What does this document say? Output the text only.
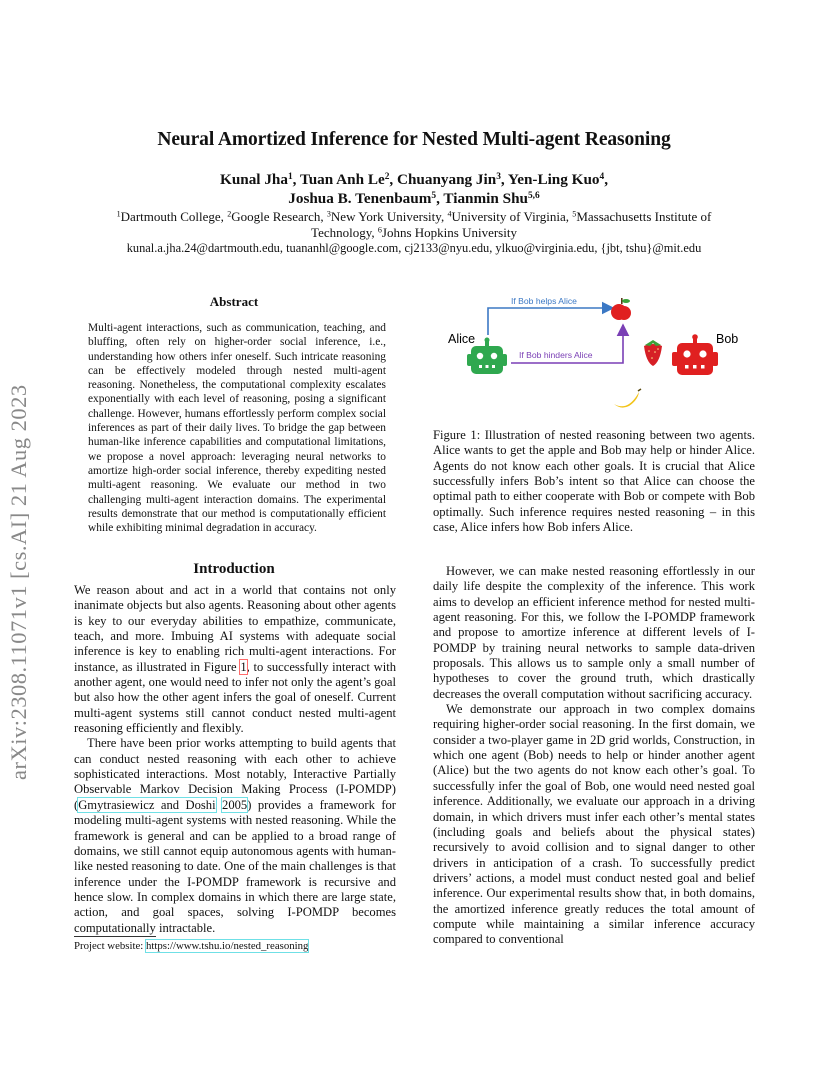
Neural Amortized Inference for Nested Multi-agent Reasoning
Kunal Jha$^1$, Tuan Anh Le$^2$, Chuanyang Jin$^3$, Yen-Ling Kuo$^4$,
Joshua B. Tenenbaum$^5$, Tianmin Shu$^{5,6}$
$^1$Dartmouth College, $^2$Google Research, $^3$New York University, $^4$University of Virginia, $^5$Massachusetts Institute of Technology, $^6$Johns Hopkins University
kunal.a.jha.24@dartmouth.edu, tuananhl@google.com, cj2133@nyu.edu, ylkuo@virginia.edu, {jbt, tshu}@mit.edu
arXiv:2308.11071v1 [cs.AI] 21 Aug 2023
Abstract
Multi-agent interactions, such as communication, teaching, and bluffing, often rely on higher-order social inference, i.e., understanding how others infer oneself. Such intricate reasoning can be effectively modeled through nested multi-agent reasoning. Nonetheless, the computational complexity escalates exponentially with each level of reasoning, posing a significant challenge. However, humans effortlessly perform complex social inferences as part of their daily lives. To bridge the gap between human-like inference capabilities and computational limitations, we propose a novel approach: leveraging neural networks to amortize high-order social inference, thereby expediting nested multi-agent reasoning. We evaluate our method in two challenging multi-agent interaction domains. The experimental results demonstrate that our method is computationally efficient while exhibiting minimal degradation in accuracy.
Introduction

We reason about and act in a world that contains not only inanimate objects but also agents. Reasoning about other agents is key to our everyday abilities to empathize, communicate, teach, and more. Imbuing AI systems with adequate social inference is key to enabling rich multi-agent interactions. For instance, as illustrated in Figure 1, to successfully interact with another agent, one would need to infer not only the agent’s goal but also how the other agent infers the goal of oneself. Current multi-agent systems still cannot conduct nested multi-agent reasoning efficiently and flexibly.

There have been prior works attempting to build agents that can conduct nested reasoning with each other to achieve sophisticated interactions. Most notably, Interactive Partially Observable Markov Decision Making Process (I-POMDP) (Gmytrasiewicz and Doshi 2005) provides a framework for modeling multi-agent systems with nested reasoning. While the framework is general and can be applied to a broad range of domains, we still cannot equip autonomous agents with human-like nested reasoning to date. One of the main challenges is that inference under the I-POMDP framework is recursive and hence slow. In complex domains in which there are large state, action, and goal spaces, solving I-POMDP becomes computationally intractable.

Project website: https://www.tshu.io/nested_reasoning
If Bob helps Alice
If Bob hinders Alice
Alice	Bob
Figure 1: Illustration of nested reasoning between two agents. Alice wants to get the apple and Bob may help or hinder Alice. Agents do not know each other goals. It is crucial that Alice successfully infers Bob’s intent so that Alice can choose the optimal path to either cooperate with Bob or compete with Bob optimally. Such inference requires nested reasoning – in this case, Alice infers how Bob infers Alice.

However, we can make nested reasoning effortlessly in our daily life despite the complexity of the inference. This work aims to develop an efficient inference method for nested multi-agent reasoning. For this, we follow the I-POMDP framework and propose to amortize inference at different levels of I-POMDP by training neural networks to sample data-driven proposals. This allows us to sample only a small number of hypotheses to cover the ground truth, which drastically decreases the overall computation without sacrificing accuracy.

We demonstrate our approach in two complex domains requiring higher-order social reasoning. In the first domain, we consider a two-player game in 2D grid worlds, Construction, in which one agent (Bob) needs to help or hinder another agent (Alice) but the two agents do not know each other’s goal. To successfully infer the goal of Bob, one would need nested goal inference. Additionally, we evaluate our approach in a driving domain, in which drivers must infer each other’s mental states (including goals and beliefs about the physical states) recursively to avoid collision and to signal danger to other drivers in anticipation of a crash. To successfully predict drivers’ actions, a model must conduct nested goal and belief inference. Our experimental results show that, in both domains, the amortized inference greatly reduces the total amount of compute while maintaining a similar inference accuracy compared to conventional
